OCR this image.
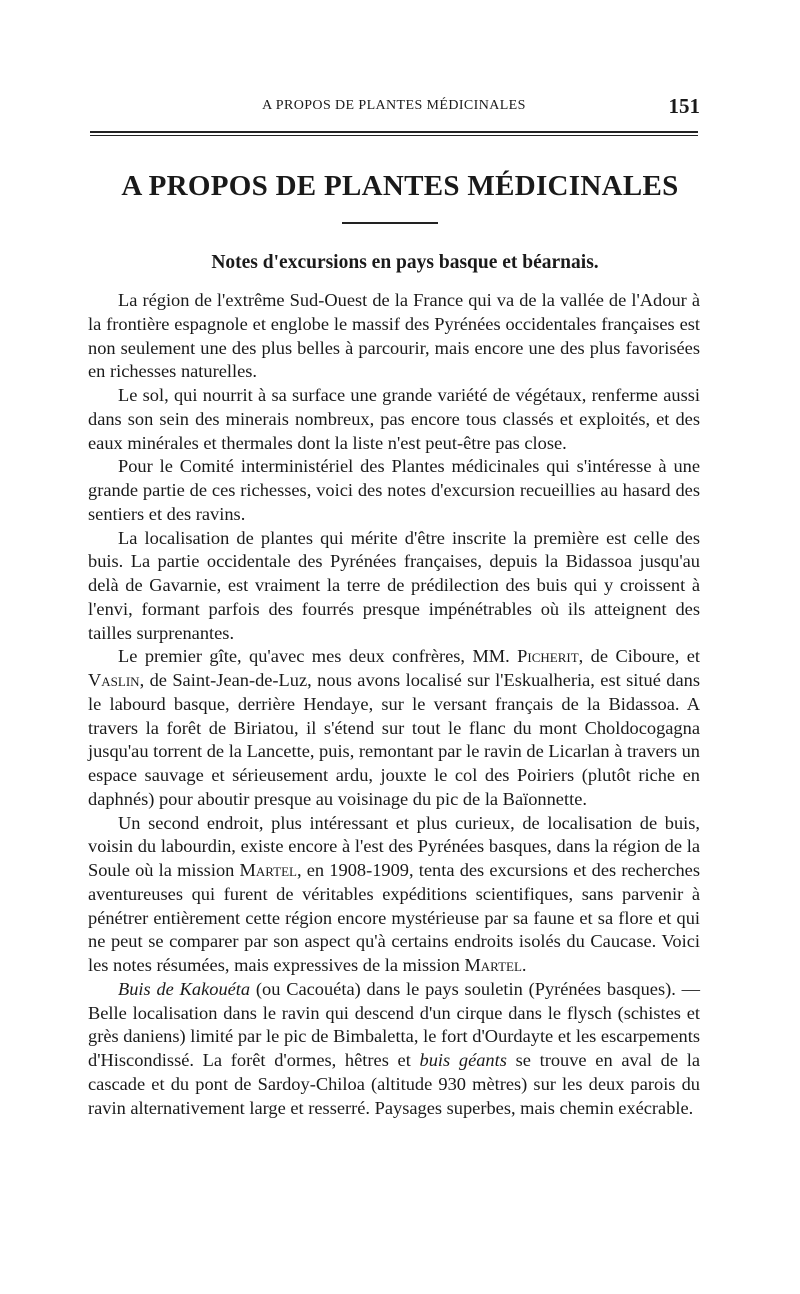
A PROPOS DE PLANTES MÉDICINALES	151
A PROPOS DE PLANTES MÉDICINALES
Notes d'excursions en pays basque et béarnais.

La région de l'extrême Sud-Ouest de la France qui va de la vallée de l'Adour à la frontière espagnole et englobe le massif des Pyrénées occidentales françaises est non seulement une des plus belles à parcourir, mais encore une des plus favorisées en richesses naturelles.

Le sol, qui nourrit à sa surface une grande variété de végétaux, renferme aussi dans son sein des minerais nombreux, pas encore tous classés et exploités, et des eaux minérales et thermales dont la liste n'est peut-être pas close.

Pour le Comité interministériel des Plantes médicinales qui s'intéresse à une grande partie de ces richesses, voici des notes d'excursion recueillies au hasard des sentiers et des ravins.

La localisation de plantes qui mérite d'être inscrite la première est celle des buis. La partie occidentale des Pyrénées françaises, depuis la Bidassoa jusqu'au delà de Gavarnie, est vraiment la terre de prédilection des buis qui y croissent à l'envi, formant parfois des fourrés presque impénétrables où ils atteignent des tailles surprenantes.

Le premier gîte, qu'avec mes deux confrères, MM. Picherit, de Ciboure, et Vaslin, de Saint-Jean-de-Luz, nous avons localisé sur l'Eskualheria, est situé dans le labourd basque, derrière Hendaye, sur le versant français de la Bidassoa. A travers la forêt de Biriatou, il s'étend sur tout le flanc du mont Choldocogagna jusqu'au torrent de la Lancette, puis, remontant par le ravin de Licarlan à travers un espace sauvage et sérieusement ardu, jouxte le col des Poiriers (plutôt riche en daphnés) pour aboutir presque au voisinage du pic de la Baïonnette.

Un second endroit, plus intéressant et plus curieux, de localisation de buis, voisin du labourdin, existe encore à l'est des Pyrénées basques, dans la région de la Soule où la mission Martel, en 1908-1909, tenta des excursions et des recherches aventureuses qui furent de véritables expéditions scientifiques, sans parvenir à pénétrer entièrement cette région encore mystérieuse par sa faune et sa flore et qui ne peut se comparer par son aspect qu'à certains endroits isolés du Caucase. Voici les notes résumées, mais expressives de la mission Martel.

Buis de Kakouéta (ou Cacouéta) dans le pays souletin (Pyrénées basques). — Belle localisation dans le ravin qui descend d'un cirque dans le flysch (schistes et grès daniens) limité par le pic de Bimbaletta, le fort d'Ourdayte et les escarpements d'Hiscondissé. La forêt d'ormes, hêtres et buis géants se trouve en aval de la cascade et du pont de Sardoy-Chiloa (altitude 930 mètres) sur les deux parois du ravin alternativement large et resserré. Paysages superbes, mais chemin exécrable.
